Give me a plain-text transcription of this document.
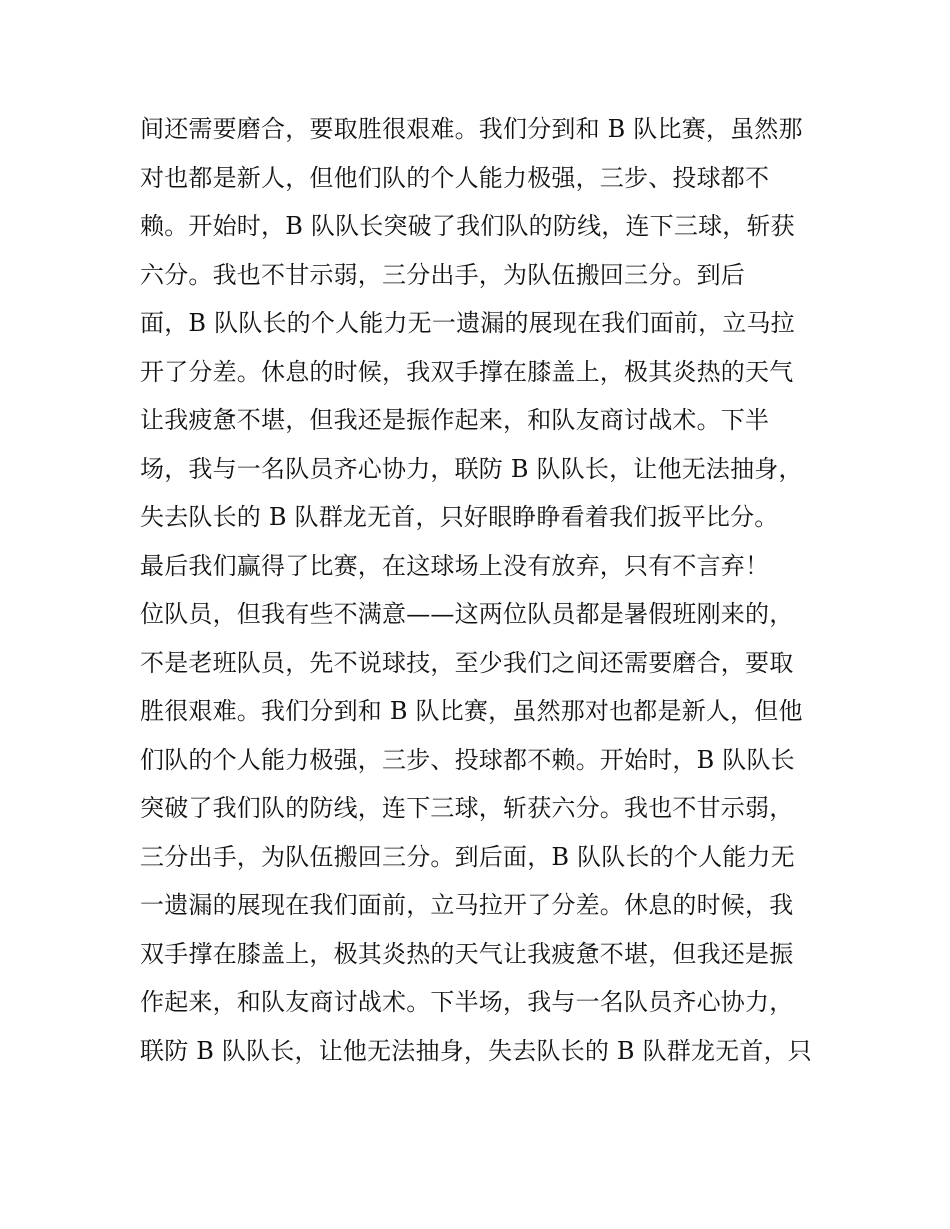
间还需要磨合，要取胜很艰难。我们分到和 B 队比赛，虽然那
对也都是新人，但他们队的个人能力极强，三步、投球都不
赖。开始时，B 队队长突破了我们队的防线，连下三球，斩获
六分。我也不甘示弱，三分出手，为队伍搬回三分。到后
面，B 队队长的个人能力无一遗漏的展现在我们面前，立马拉
开了分差。休息的时候，我双手撑在膝盖上，极其炎热的天气
让我疲惫不堪，但我还是振作起来，和队友商讨战术。下半
场，我与一名队员齐心协力，联防 B 队队长，让他无法抽身，
失去队长的 B 队群龙无首，只好眼睁睁看着我们扳平比分。
最后我们赢得了比赛，在这球场上没有放弃，只有不言弃！
位队员，但我有些不满意——这两位队员都是暑假班刚来的，
不是老班队员，先不说球技，至少我们之间还需要磨合，要取
胜很艰难。我们分到和 B 队比赛，虽然那对也都是新人，但他
们队的个人能力极强，三步、投球都不赖。开始时，B 队队长
突破了我们队的防线，连下三球，斩获六分。我也不甘示弱，
三分出手，为队伍搬回三分。到后面，B 队队长的个人能力无
一遗漏的展现在我们面前，立马拉开了分差。休息的时候，我
双手撑在膝盖上，极其炎热的天气让我疲惫不堪，但我还是振
作起来，和队友商讨战术。下半场，我与一名队员齐心协力，
联防 B 队队长，让他无法抽身，失去队长的 B 队群龙无首，只
